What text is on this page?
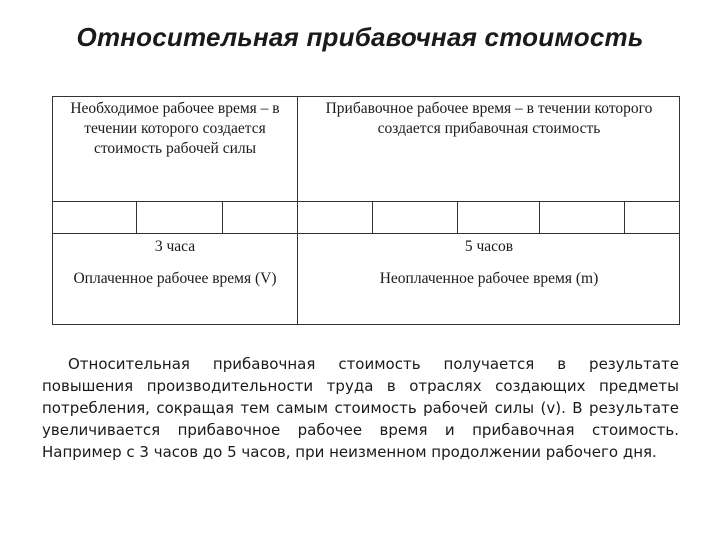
Относительная прибавочная стоимость
Необходимое рабочее время – в течении которого создается стоимость рабочей силы
Прибавочное рабочее время – в течении которого создается прибавочная стоимость
3 часа	5 часов
Оплаченное рабочее время (V)	Неоплаченное рабочее время (m)

Относительная прибавочная стоимость получается в результате повышения производительности труда в отраслях создающих предметы потребления, сокращая тем самым стоимость рабочей силы (v). В результате увеличивается прибавочное рабочее время и прибавочная стоимость. Например с 3 часов до 5 часов, при неизменном продолжении рабочего дня.
